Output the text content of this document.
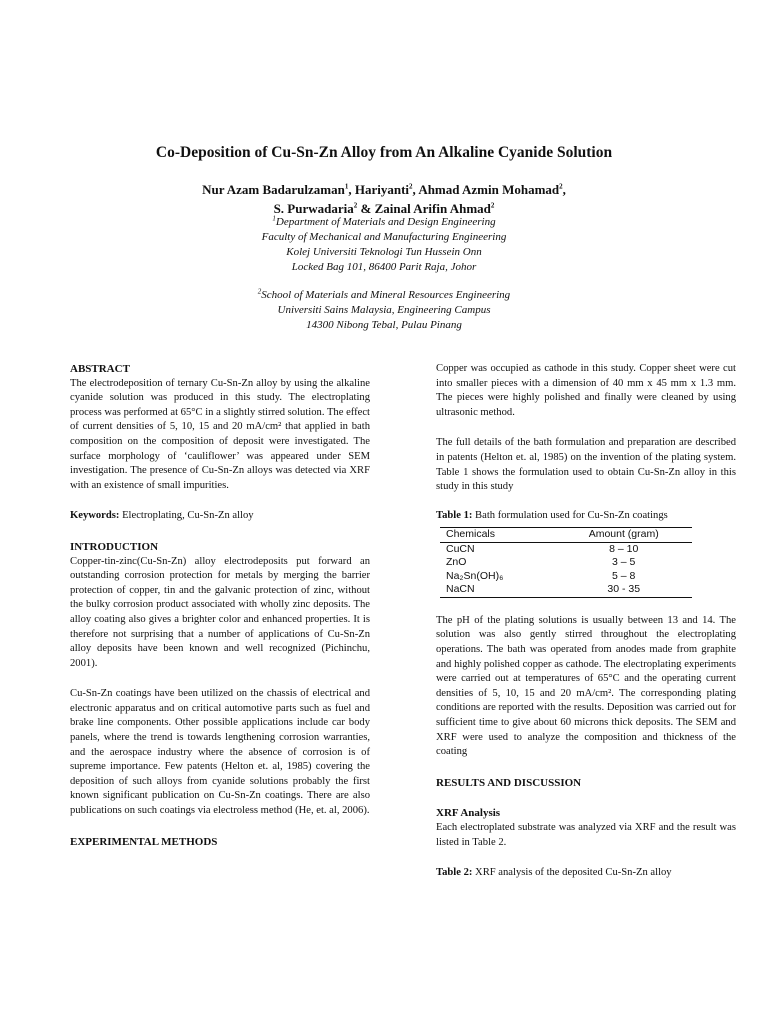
Co-Deposition of Cu-Sn-Zn Alloy from An Alkaline Cyanide Solution
Nur Azam Badarulzaman$^1$, Hariyanti$^2$, Ahmad Azmin Mohamad$^2$,
S. Purwadaria$^2$ & Zainal Arifin Ahmad$^2$
$^1$Department of Materials and Design Engineering
Faculty of Mechanical and Manufacturing Engineering
Kolej Universiti Teknologi Tun Hussein Onn
Locked Bag 101, 86400 Parit Raja, Johor
$^2$School of Materials and Mineral Resources Engineering
Universiti Sains Malaysia, Engineering Campus
14300 Nibong Tebal, Pulau Pinang

ABSTRACT

The electrodeposition of ternary Cu-Sn-Zn alloy by using the alkaline cyanide solution was produced in this study. The electroplating process was performed at 65°C in a slightly stirred solution. The effect of current densities of 5, 10, 15 and 20 mA/cm² that applied in bath composition on the composition of deposit were investigated. The surface morphology of ‘cauliflower’ was appeared under SEM investigation. The presence of Cu-Sn-Zn alloys was detected via XRF with an existence of small impurities.

Keywords: Electroplating, Cu-Sn-Zn alloy

INTRODUCTION

Copper-tin-zinc(Cu-Sn-Zn) alloy electrodeposits put forward an outstanding corrosion protection for metals by merging the barrier protection of copper, tin and the galvanic protection of zinc, without the bulky corrosion product associated with wholly zinc deposits. The alloy coating also gives a brighter color and enhanced properties. It is therefore not surprising that a number of applications of Cu-Sn-Zn alloy deposits have been known and well recognized (Pichinchu, 2001).

Cu-Sn-Zn coatings have been utilized on the chassis of electrical and electronic apparatus and on critical automotive parts such as fuel and brake line components. Other possible applications include car body panels, where the trend is towards lengthening corrosion warranties, and the aerospace industry where the absence of corrosion is of supreme importance. Few patents (Helton et. al, 1985) covering the deposition of such alloys from cyanide solutions probably the first known significant publication on Cu-Sn-Zn coatings. There are also publications on such coatings via electroless method (He, et. al, 2006).

EXPERIMENTAL METHODS

Copper was occupied as cathode in this study. Copper sheet were cut into smaller pieces with a dimension of 40 mm x 45 mm x 1.3 mm. The pieces were highly polished and finally were cleaned by using ultrasonic method.

The full details of the bath formulation and preparation are described in patents (Helton et. al, 1985) on the invention of the plating system. Table 1 shows the formulation used to obtain Cu-Sn-Zn alloy in this study in this study

Table 1: Bath formulation used for Cu-Sn-Zn coatings

Chemicals	Amount (gram)
CuCN	8 – 10
ZnO	3 – 5
Na₂Sn(OH)₆	5 – 8
NaCN	30 - 35

The pH of the plating solutions is usually between 13 and 14. The solution was also gently stirred throughout the electroplating operations. The bath was operated from anodes made from graphite and highly polished copper as cathode. The electroplating experiments were carried out at temperatures of 65°C and the operating current densities of 5, 10, 15 and 20 mA/cm². The corresponding plating conditions are reported with the results. Deposition was carried out for sufficient time to give about 60 microns thick deposits. The SEM and XRF were used to analyze the composition and thickness of the coating

RESULTS AND DISCUSSION

XRF Analysis

Each electroplated substrate was analyzed via XRF and the result was listed in Table 2.

Table 2: XRF analysis of the deposited Cu-Sn-Zn alloy
